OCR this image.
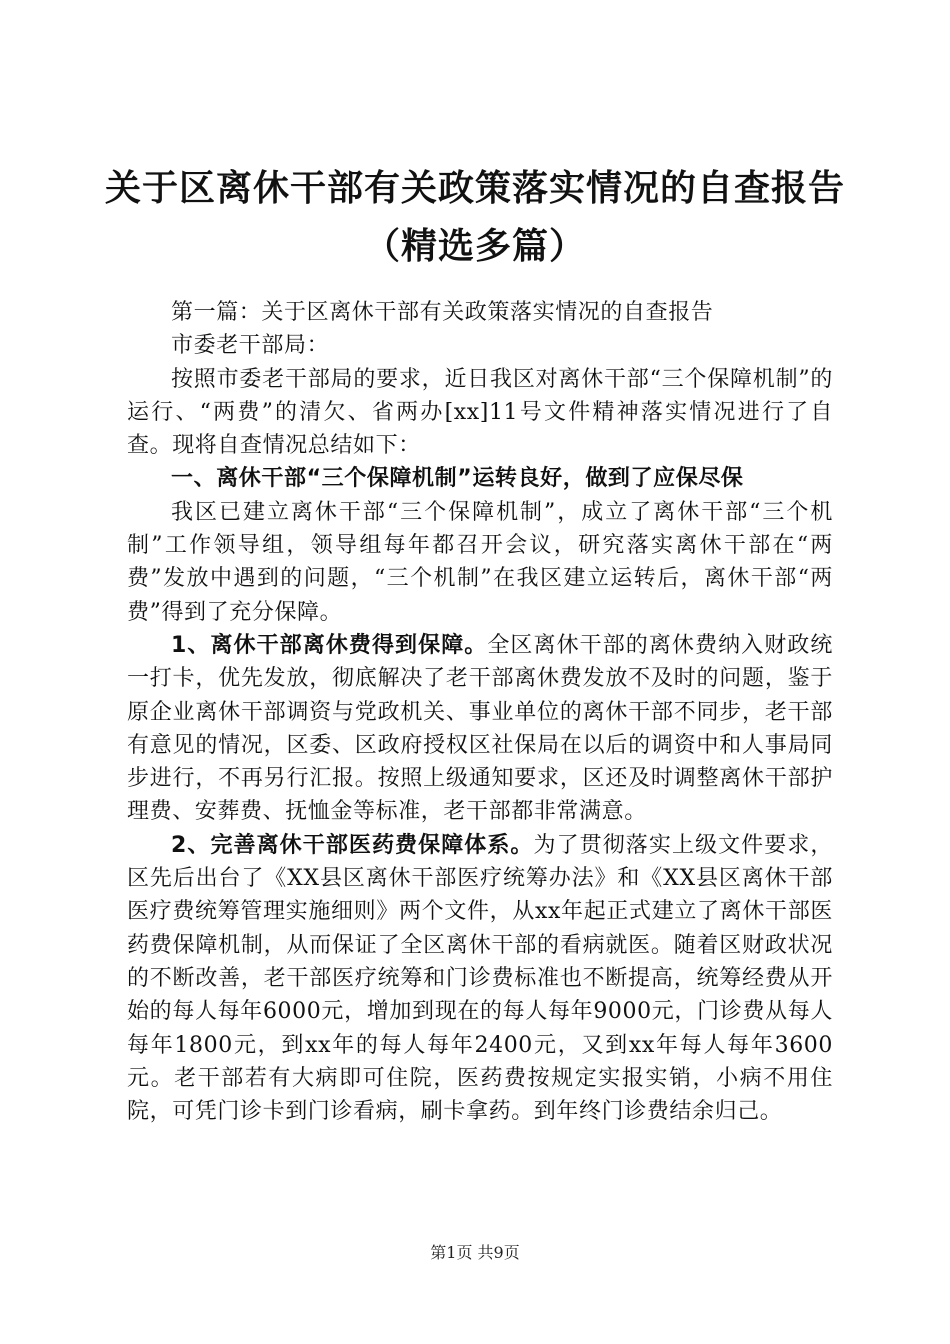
关于区离休干部有关政策落实情况的自查报告
（精选多篇）

第一篇：关于区离休干部有关政策落实情况的自查报告

市委老干部局：

按照市委老干部局的要求，近日我区对离休干部“三个保障机制”的运行、“两费”的清欠、省两办[xx]11号文件精神落实情况进行了自查。现将自查情况总结如下：

一、离休干部“三个保障机制”运转良好，做到了应保尽保

我区已建立离休干部“三个保障机制”，成立了离休干部“三个机制”工作领导组，领导组每年都召开会议，研究落实离休干部在“两费”发放中遇到的问题，“三个机制”在我区建立运转后，离休干部“两费”得到了充分保障。

1、离休干部离休费得到保障。全区离休干部的离休费纳入财政统一打卡，优先发放，彻底解决了老干部离休费发放不及时的问题，鉴于原企业离休干部调资与党政机关、事业单位的离休干部不同步，老干部有意见的情况，区委、区政府授权区社保局在以后的调资中和人事局同步进行，不再另行汇报。按照上级通知要求，区还及时调整离休干部护理费、安葬费、抚恤金等标准，老干部都非常满意。

2、完善离休干部医药费保障体系。为了贯彻落实上级文件要求，区先后出台了《XX县区离休干部医疗统筹办法》和《XX县区离休干部医疗费统筹管理实施细则》两个文件，从xx年起正式建立了离休干部医药费保障机制，从而保证了全区离休干部的看病就医。随着区财政状况的不断改善，老干部医疗统筹和门诊费标准也不断提高，统筹经费从开始的每人每年6000元，增加到现在的每人每年9000元，门诊费从每人每年1800元，到xx年的每人每年2400元，又到xx年每人每年3600元。老干部若有大病即可住院，医药费按规定实报实销，小病不用住院，可凭门诊卡到门诊看病，刷卡拿药。到年终门诊费结余归己。

第1页 共9页
